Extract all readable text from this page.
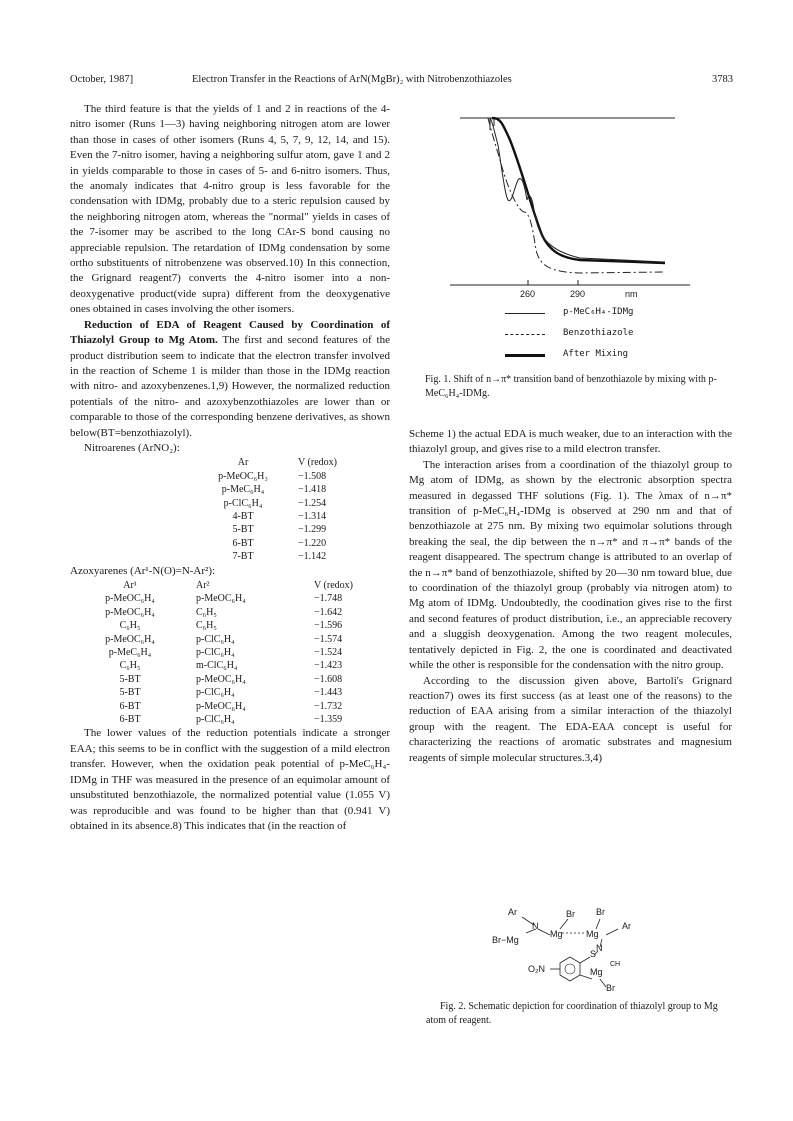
October, 1987]	Electron Transfer in the Reactions of ArN(MgBr)₂ with Nitrobenzothiazoles	3783

The third feature is that the yields of 1 and 2 in reactions of the 4-nitro isomer (Runs 1—3) having neighboring nitrogen atom are lower than those in cases of other isomers (Runs 4, 5, 7, 9, 12, 14, and 15). Even the 7-nitro isomer, having a neighboring sulfur atom, gave 1 and 2 in yields comparable to those in cases of 5- and 6-nitro isomers. Thus, the anomaly indicates that 4-nitro group is less favorable for the condensation with IDMg, probably due to a steric repulsion caused by the neighboring nitrogen atom, whereas the "normal" yields in cases of the 7-isomer may be ascribed to the long CAr-S bond causing no appreciable repulsion. The retardation of IDMg condensation by some ortho substituents of nitrobenzene was observed.10) In this connection, the Grignard reagent7) converts the 4-nitro isomer into a non-deoxygenative product(vide supra) different from the deoxygenative ones obtained in cases involving the other isomers.

Reduction of EDA of Reagent Caused by Coordination of Thiazolyl Group to Mg Atom. The first and second features of the product distribution seem to indicate that the electron transfer involved in the reaction of Scheme 1 is milder than those in the IDMg reaction with nitro- and azoxybenzenes.1,9) However, the normalized reduction potentials of the nitro- and azoxybenzothiazoles are lower than or comparable to those of the corresponding benzene derivatives, as shown below(BT=benzothiazolyl).

Nitroarenes (ArNO₂):

Ar	V (redox)
p-MeOC₆H₃	−1.508
p-MeC₆H₄	−1.418
p-ClC₆H₄	−1.254
4-BT	−1.314
5-BT	−1.299
6-BT	−1.220
7-BT	−1.142

Azoxyarenes (Ar¹-N(O)=N-Ar²):

Ar¹	Ar²	V (redox)
p-MeOC₆H₄	p-MeOC₆H₄	−1.748
p-MeOC₆H₄	C₆H₅	−1.642
C₆H₅	C₆H₅	−1.596
p-MeOC₆H₄	p-ClC₆H₄	−1.574
p-MeC₆H₄	p-ClC₆H₄	−1.524
C₆H₅	m-ClC₆H₄	−1.423
5-BT	p-MeOC₆H₄	−1.608
5-BT	p-ClC₆H₄	−1.443
6-BT	p-MeOC₆H₄	−1.732
6-BT	p-ClC₆H₄	−1.359

The lower values of the reduction potentials indicate a stronger EAA; this seems to be in conflict with the suggestion of a mild electron transfer. However, when the oxidation peak potential of p-MeC₆H₄-IDMg in THF was measured in the presence of an equimolar amount of unsubstituted benzothiazole, the normalized potential value (1.055 V) was reproducible and was found to be higher than that (0.941 V) obtained in its absence.8) This indicates that (in the reaction of

260	290	nm
p-MeC₆H₄-IDMg
Benzothiazole
After Mixing

Fig. 1. Shift of n→π* transition band of benzothiazole by mixing with p-MeC₆H₄-IDMg.

Scheme 1) the actual EDA is much weaker, due to an interaction with the thiazolyl group, and gives rise to a mild electron transfer.

The interaction arises from a coordination of the thiazolyl group to Mg atom of IDMg, as shown by the electronic absorption spectra measured in degassed THF solutions (Fig. 1). The λmax of n→π* transition of p-MeC₆H₄-IDMg is observed at 290 nm and that of benzothiazole at 275 nm. By mixing two equimolar solutions through breaking the seal, the dip between the n→π* and π→π* bands of the reagent disappeared. The spectrum change is attributed to an overlap of the n→π* band of benzothiazole, shifted by 20—30 nm toward blue, due to coordination of the thiazolyl group (probably via nitrogen atom) to Mg atom of IDMg. Undoubtedly, the coodination gives rise to the first and second features of product distribution, i.e., an appreciable recovery and a sluggish deoxygenation. Among the two reagent molecules, tentatively depicted in Fig. 2, the one is coordinated and deactivated while the other is responsible for the condensation with the nitro group.

According to the discussion given above, Bartoli's Grignard reaction7) owes its first success (as at least one of the reasons) to the reduction of EAA arising from a similar interaction of the thiazolyl group with the reagent. The EDA-EAA concept is useful for characterizing the reactions of aromatic substrates and magnesium reagents of simple molecular structures.3,4)

Ar	Br Br
Ar
N
Mg	Mg
N
Br−Mg
O₂N
S
Mg
CH
Br

Fig. 2. Schematic depiction for coordination of thiazolyl group to Mg atom of reagent.
